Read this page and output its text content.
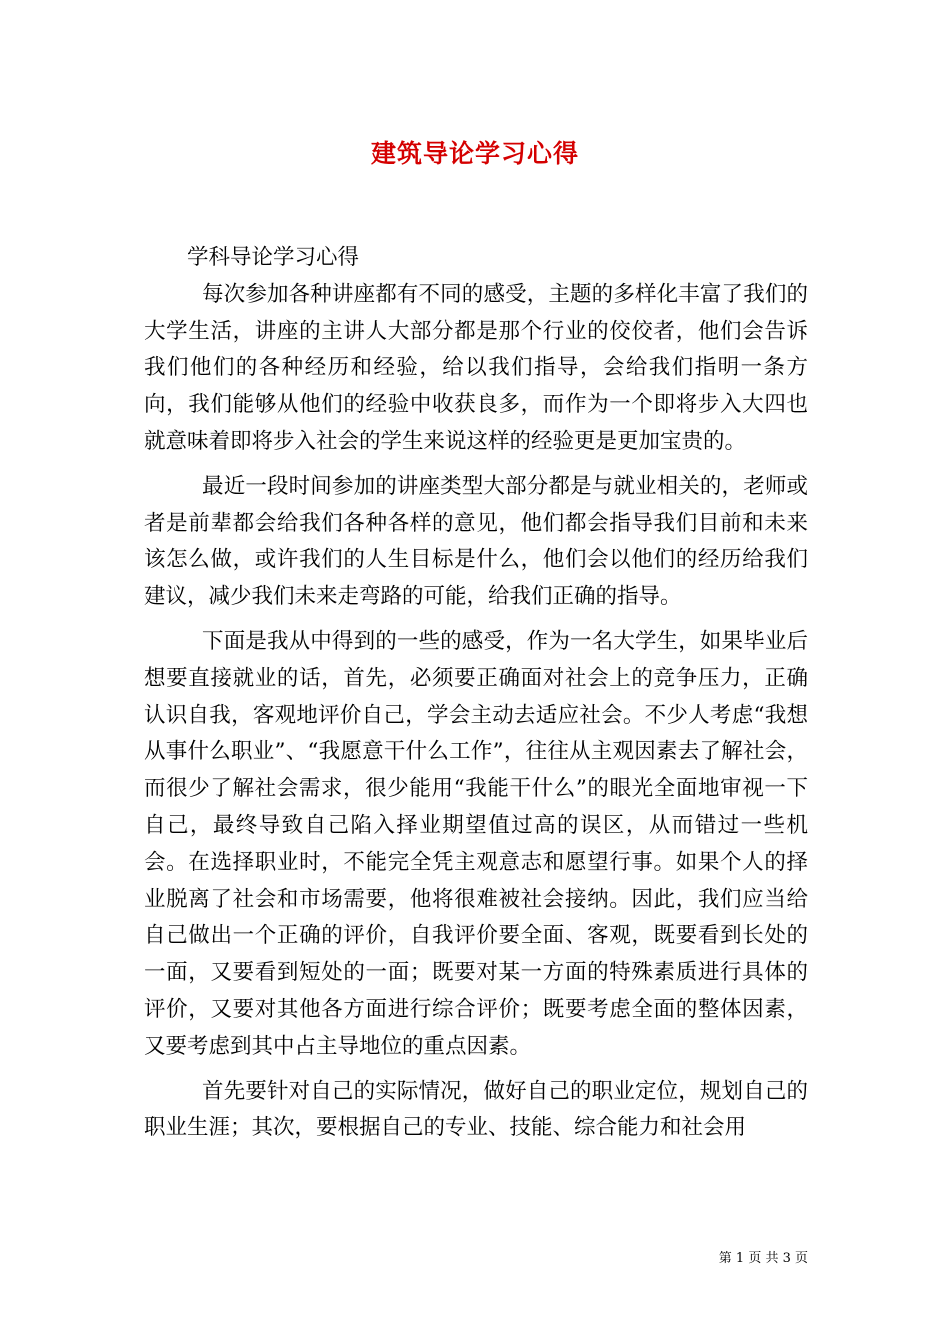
建筑导论学习心得

学科导论学习心得

每次参加各种讲座都有不同的感受，主题的多样化丰富了我们的大学生活，讲座的主讲人大部分都是那个行业的佼佼者，他们会告诉我们他们的各种经历和经验，给以我们指导，会给我们指明一条方向，我们能够从他们的经验中收获良多，而作为一个即将步入大四也就意味着即将步入社会的学生来说这样的经验更是更加宝贵的。

最近一段时间参加的讲座类型大部分都是与就业相关的，老师或者是前辈都会给我们各种各样的意见，他们都会指导我们目前和未来该怎么做，或许我们的人生目标是什么，他们会以他们的经历给我们建议，减少我们未来走弯路的可能，给我们正确的指导。

下面是我从中得到的一些的感受，作为一名大学生，如果毕业后想要直接就业的话，首先，必须要正确面对社会上的竞争压力，正确认识自我，客观地评价自己，学会主动去适应社会。不少人考虑“我想从事什么职业”、“我愿意干什么工作”，往往从主观因素去了解社会，而很少了解社会需求，很少能用“我能干什么”的眼光全面地审视一下自己，最终导致自己陷入择业期望值过高的误区，从而错过一些机会。在选择职业时，不能完全凭主观意志和愿望行事。如果个人的择业脱离了社会和市场需要，他将很难被社会接纳。因此，我们应当给自己做出一个正确的评价，自我评价要全面、客观，既要看到长处的一面，又要看到短处的一面；既要对某一方面的特殊素质进行具体的评价，又要对其他各方面进行综合评价；既要考虑全面的整体因素，又要考虑到其中占主导地位的重点因素。

首先要针对自己的实际情况，做好自己的职业定位，规划自己的职业生涯；其次，要根据自己的专业、技能、综合能力和社会用

第 1 页 共 3 页
